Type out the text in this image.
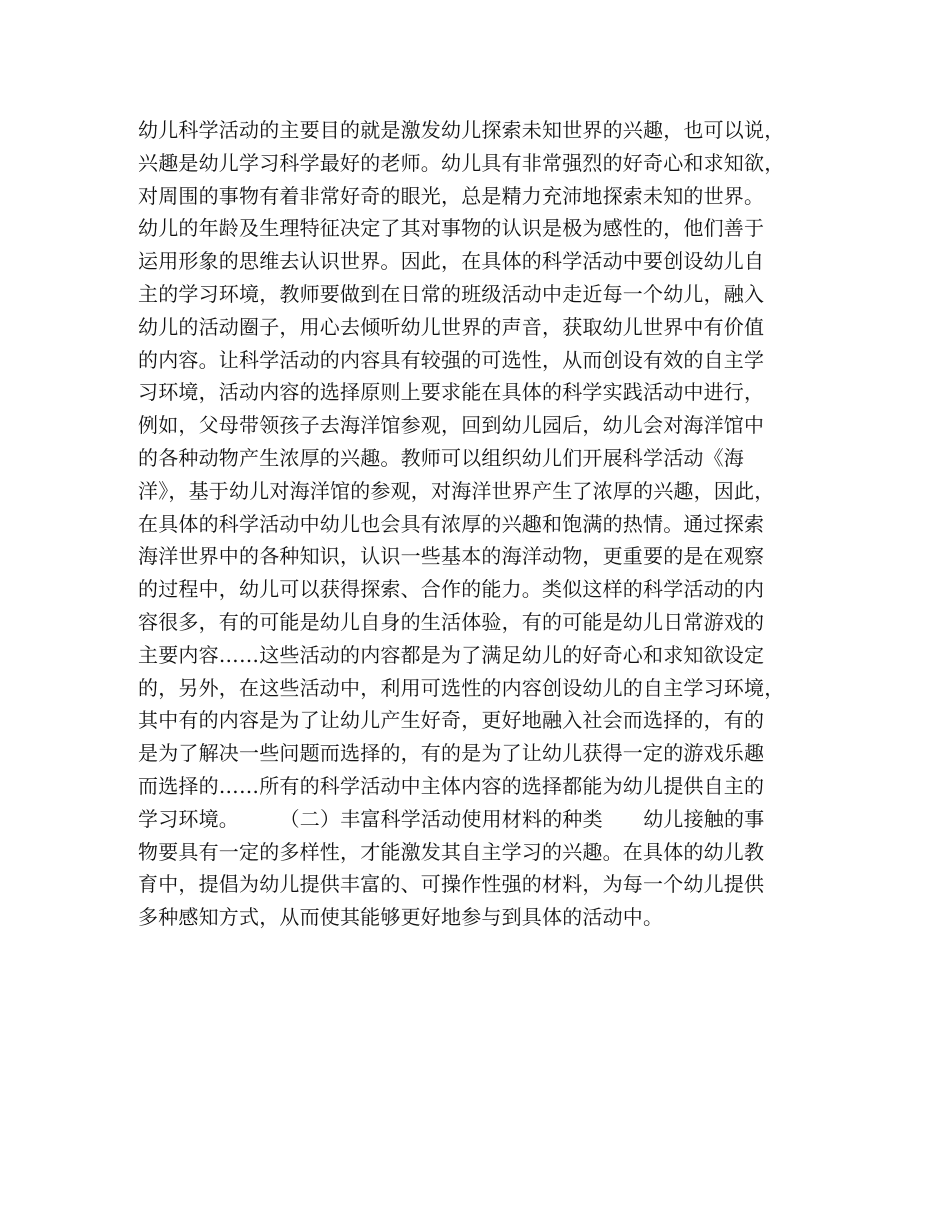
幼儿科学活动的主要目的就是激发幼儿探索未知世界的兴趣，也可以说，
兴趣是幼儿学习科学最好的老师。幼儿具有非常强烈的好奇心和求知欲，
对周围的事物有着非常好奇的眼光，总是精力充沛地探索未知的世界。
幼儿的年龄及生理特征决定了其对事物的认识是极为感性的，他们善于
运用形象的思维去认识世界。因此，在具体的科学活动中要创设幼儿自
主的学习环境，教师要做到在日常的班级活动中走近每一个幼儿，融入
幼儿的活动圈子，用心去倾听幼儿世界的声音，获取幼儿世界中有价值
的内容。让科学活动的内容具有较强的可选性，从而创设有效的自主学
习环境，活动内容的选择原则上要求能在具体的科学实践活动中进行，
例如，父母带领孩子去海洋馆参观，回到幼儿园后，幼儿会对海洋馆中
的各种动物产生浓厚的兴趣。教师可以组织幼儿们开展科学活动《海
洋》，基于幼儿对海洋馆的参观，对海洋世界产生了浓厚的兴趣，因此，
在具体的科学活动中幼儿也会具有浓厚的兴趣和饱满的热情。通过探索
海洋世界中的各种知识，认识一些基本的海洋动物，更重要的是在观察
的过程中，幼儿可以获得探索、合作的能力。类似这样的科学活动的内
容很多，有的可能是幼儿自身的生活体验，有的可能是幼儿日常游戏的
主要内容……这些活动的内容都是为了满足幼儿的好奇心和求知欲设定
的，另外，在这些活动中，利用可选性的内容创设幼儿的自主学习环境，
其中有的内容是为了让幼儿产生好奇，更好地融入社会而选择的，有的
是为了解决一些问题而选择的，有的是为了让幼儿获得一定的游戏乐趣
而选择的……所有的科学活动中主体内容的选择都能为幼儿提供自主的
学习环境。　　　（二）丰富科学活动使用材料的种类　　幼儿接触的事
物要具有一定的多样性，才能激发其自主学习的兴趣。在具体的幼儿教
育中，提倡为幼儿提供丰富的、可操作性强的材料，为每一个幼儿提供
多种感知方式，从而使其能够更好地参与到具体的活动中。
